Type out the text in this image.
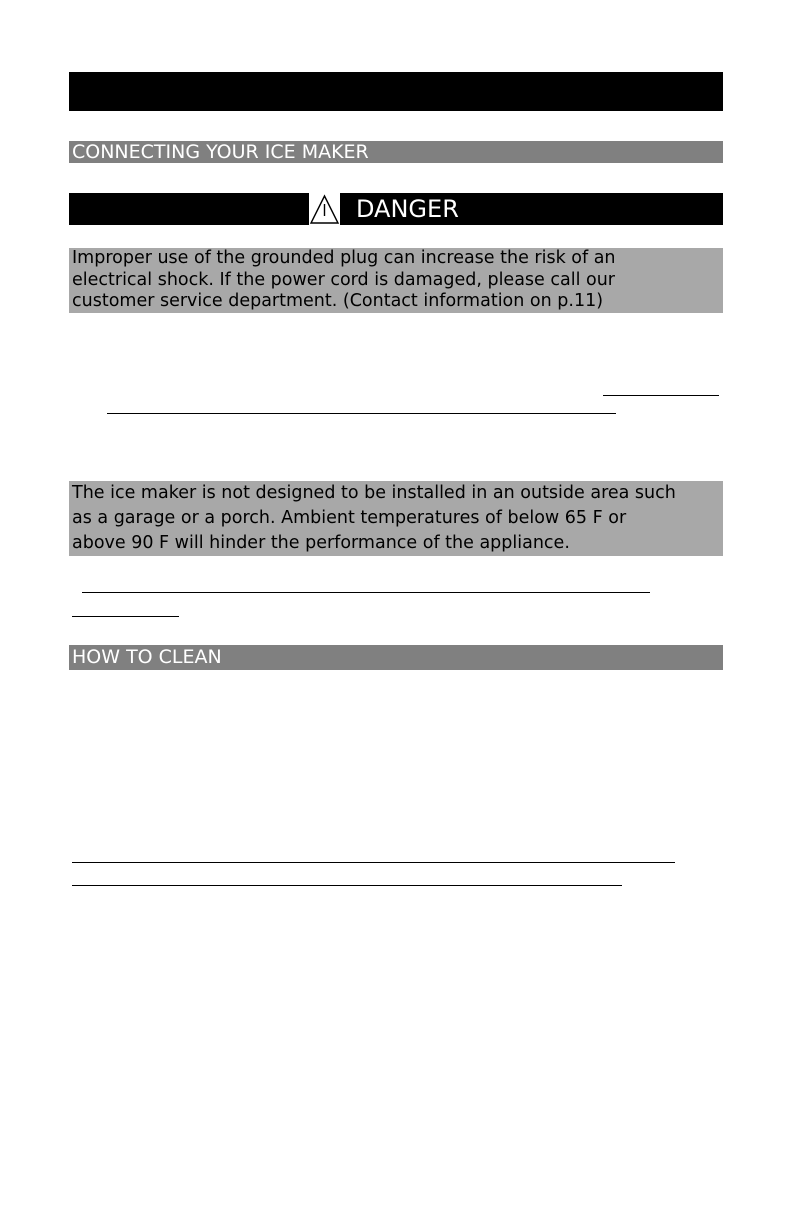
CONNECTING YOUR ICE MAKER
DANGER
Improper use of the grounded plug can increase the risk of an
electrical shock. If the power cord is damaged, please call our
customer service department. (Contact information on p.11)
The ice maker is not designed to be installed in an outside area such
as a garage or a porch. Ambient temperatures of below 65 F or
above 90 F will hinder the performance of the appliance.
HOW TO CLEAN
